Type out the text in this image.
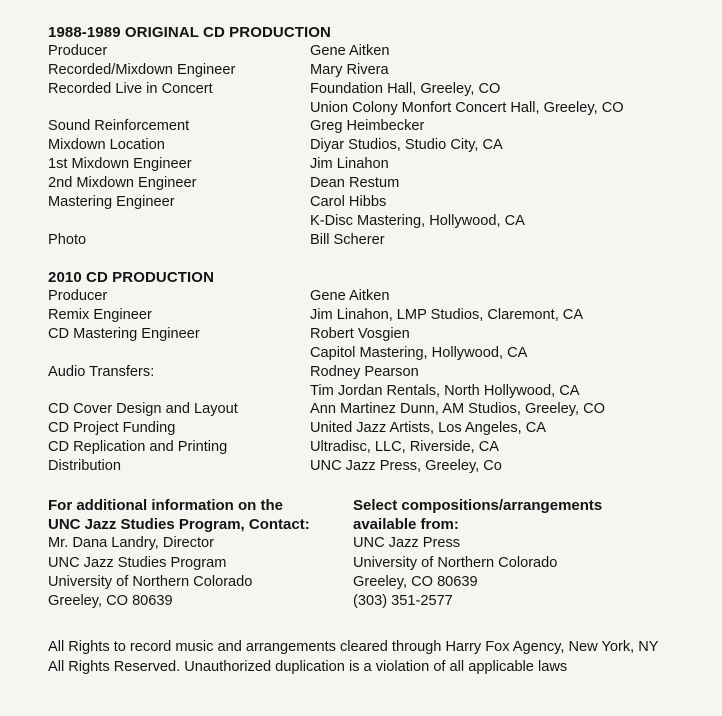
1988-1989 ORIGINAL CD PRODUCTION
Producer	Gene Aitken
Recorded/Mixdown Engineer	Mary Rivera
Recorded Live in Concert	Foundation Hall, Greeley, CO
Union Colony Monfort Concert Hall, Greeley, CO
Sound Reinforcement	Greg Heimbecker
Mixdown Location	Diyar Studios, Studio City, CA
1st Mixdown Engineer	Jim Linahon
2nd Mixdown Engineer	Dean Restum
Mastering Engineer	Carol Hibbs
K-Disc Mastering, Hollywood, CA
Photo	Bill Scherer
2010 CD PRODUCTION
Producer	Gene Aitken
Remix Engineer	Jim Linahon, LMP Studios, Claremont, CA
CD Mastering Engineer	Robert Vosgien
Capitol Mastering, Hollywood, CA
Audio Transfers:	Rodney Pearson
Tim Jordan Rentals, North Hollywood, CA
CD Cover Design and Layout	Ann Martinez Dunn, AM Studios, Greeley, CO
CD Project Funding	United Jazz Artists, Los Angeles, CA
CD Replication and Printing	Ultradisc, LLC, Riverside, CA
Distribution	UNC Jazz Press, Greeley, Co
For additional information on the
UNC Jazz Studies Program, Contact:
Mr. Dana Landry, Director
UNC Jazz Studies Program
University of Northern Colorado
Greeley, CO 80639
Select compositions/arrangements
available from:
UNC Jazz Press
University of Northern Colorado
Greeley, CO 80639
(303) 351-2577
All Rights to record music and arrangements cleared through Harry Fox Agency, New York, NY
All Rights Reserved. Unauthorized duplication is a violation of all applicable laws
